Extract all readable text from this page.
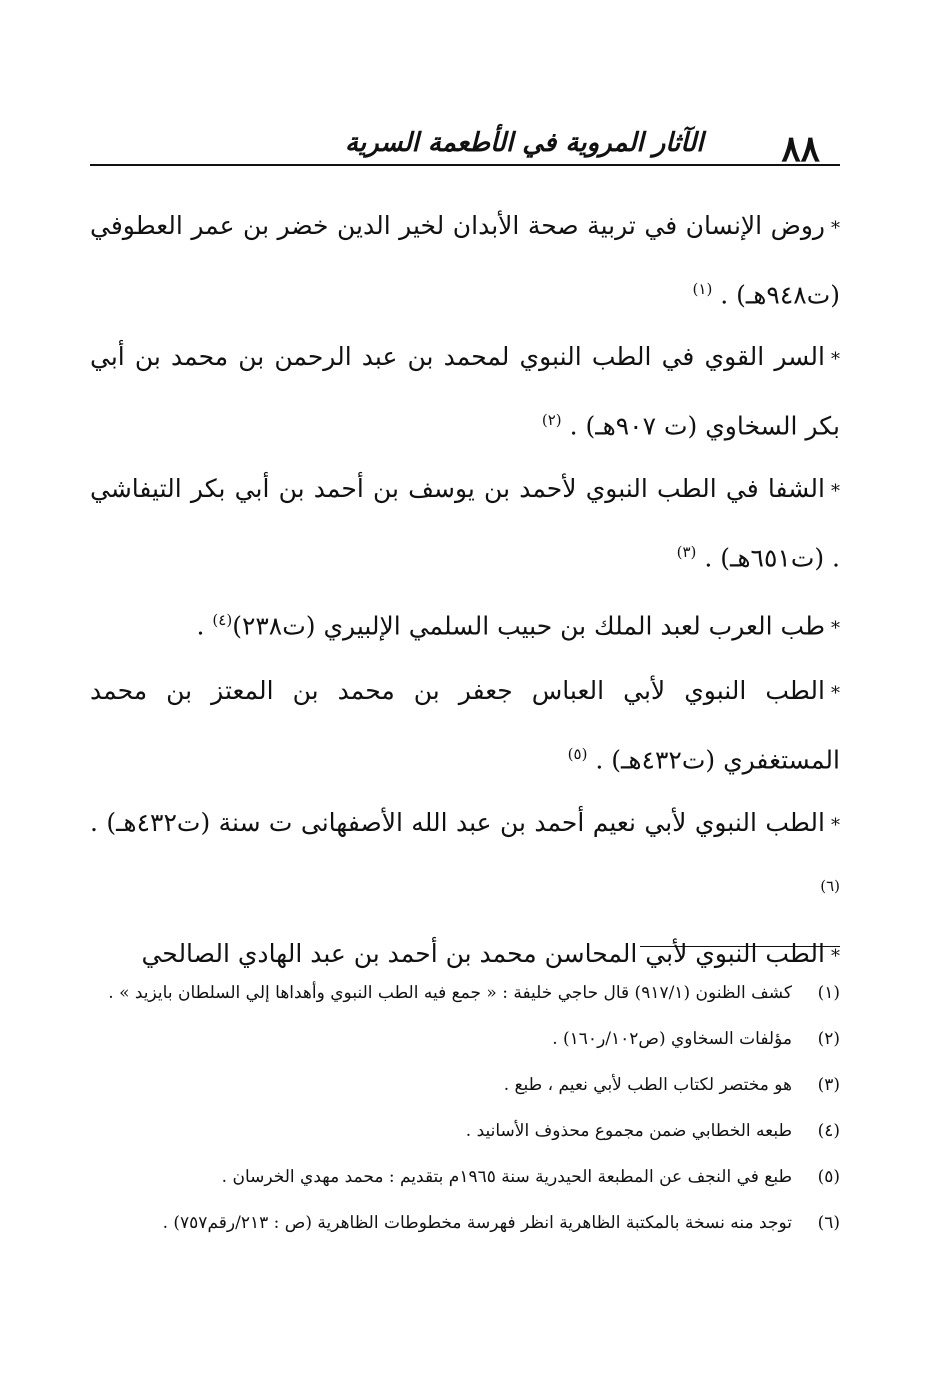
٨٨
الآثار المروية في الأطعمة السرية

*روض الإنسان في تربية صحة الأبدان لخير الدين خضر بن عمر العطوفي (ت٩٤٨هـ) . $^{(١)}$

*السر القوي في الطب النبوي لمحمد بن عبد الرحمن بن محمد بن أبي بكر السخاوي (ت ٩٠٧هـ) . $^{(٢)}$

*الشفا في الطب النبوي لأحمد بن يوسف بن أحمد بن أبي بكر التيفاشي . (ت٦٥١هـ) . $^{(٣)}$

*طب العرب لعبد الملك بن حبيب السلمي الإلبيري (ت٢٣٨)$^{(٤)}$ .

*الطب النبوي لأبي العباس جعفر بن محمد بن المعتز بن محمد المستغفري (ت٤٣٢هـ) . $^{(٥)}$

*الطب النبوي لأبي نعيم أحمد بن عبد الله الأصفهانى ت سنة (ت٤٣٢هـ) . $^{(٦)}$

*الطب النبوي لأبي المحاسن محمد بن أحمد بن عبد الهادي الصالحي

(١)
كشف الظنون (٩١٧/١) قال حاجي خليفة : « جمع فيه الطب النبوي وأهداها إلي السلطان بايزيد » .
(٢)
مؤلفات السخاوي (ص١٠٢/ر١٦٠) .
(٣)
هو مختصر لكتاب الطب لأبي نعيم ، طبع .
(٤)
طبعه الخطابي ضمن مجموع محذوف الأسانيد .
(٥)
طبع في النجف عن المطبعة الحيدرية سنة ١٩٦٥م بتقديم : محمد مهدي الخرسان .
(٦)
توجد منه نسخة بالمكتبة الظاهرية انظر فهرسة مخطوطات الظاهرية (ص : ٢١٣/رقم٧٥٧) .
